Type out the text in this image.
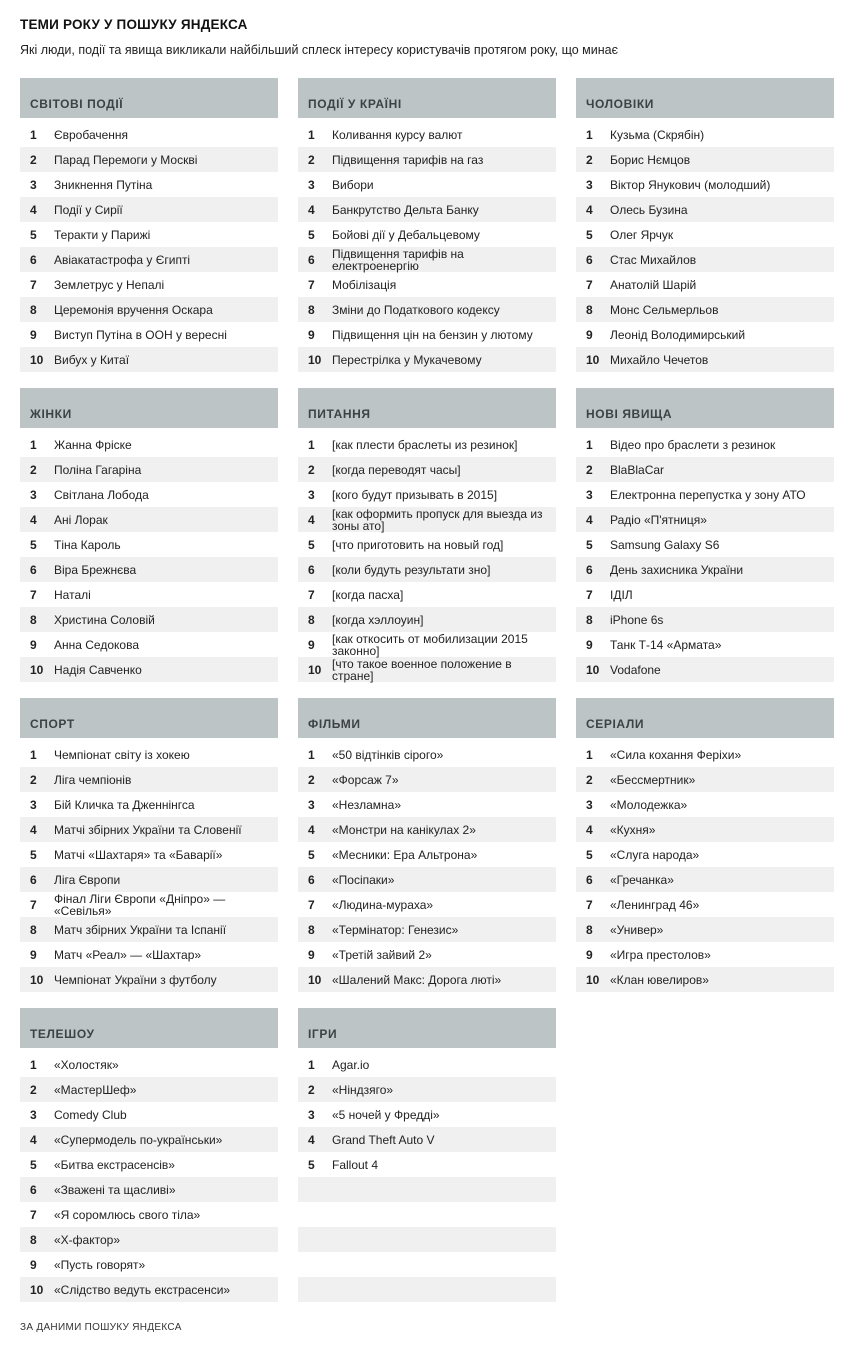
ТЕМИ РОКУ У ПОШУКУ ЯНДЕКСА
Які люди, події та явища викликали найбільший сплеск інтересу користувачів протягом року, що минає
СВІТОВІ ПОДІЇ
1	Євробачення
2	Парад Перемоги у Москві
3	Зникнення Путіна
4	Події у Сирії
5	Теракти у Парижі
6	Авіакатастрофа у Єгипті
7	Землетрус у Непалі
8	Церемонія вручення Оскара
9	Виступ Путіна в ООН у вересні
10 Вибух у Китаї
ПОДІЇ У КРАЇНІ
1	Коливання курсу валют
2	Підвищення тарифів на газ
3	Вибори
4	Банкрутство Дельта Банку
5	Бойові дії у Дебальцевому
6	Підвищення тарифів на електроенергію
7	Мобілізація
8	Зміни до Податкового кодексу
9	Підвищення цін на бензин у лютому
10 Перестрілка у Мукачевому
ЧОЛОВІКИ
1	Кузьма (Скрябін)
2	Борис Нємцов
3	Віктор Янукович (молодший)
4	Олесь Бузина
5	Олег Ярчук
6	Стас Михайлов
7	Анатолій Шарій
8	Монс Сельмерльов
9	Леонід Володимирський
10 Михайло Чечетов
ЖІНКИ
1	Жанна Фріске
2	Поліна Гагаріна
3	Світлана Лобода
4	Ані Лорак
5	Тіна Кароль
6	Віра Брежнєва
7	Наталі
8	Христина Соловій
9	Анна Седокова
10 Надія Савченко
ПИТАННЯ
1	[как плести браслеты из резинок]
2	[когда переводят часы]
3	[кого будут призывать в 2015]
4	[как оформить пропуск для выезда из зоны ато]
5	[что приготовить на новый год]
6	[коли будуть результати зно]
7	[когда пасха]
8	[когда хэллоуин]
9	[как откосить от мобилизации 2015 законно]
10 [что такое военное положение в стране]
НОВІ ЯВИЩА
1	Відео про браслети з резинок
2	BlaBlaCar
3	Електронна перепустка у зону АТО
4	Радіо «П'ятниця»
5	Samsung Galaxy S6
6	День захисника України
7	ІДІЛ
8	iPhone 6s
9	Танк Т-14 «Армата»
10 Vodafone
СПОРТ
1	Чемпіонат світу із хокею
2	Ліга чемпіонів
3	Бій Кличка та Дженнінгса
4	Матчі збірних України та Словенії
5	Матчі «Шахтаря» та «Баварії»
6	Ліга Європи
7	Фінал Ліги Європи «Дніпро» — «Севілья»
8	Матч збірних України та Іспанії
9	Матч «Реал» — «Шахтар»
10 Чемпіонат України з футболу
ФІЛЬМИ
1	«50 відтінків сірого»
2	«Форсаж 7»
3	«Незламна»
4	«Монстри на канікулах 2»
5	«Месники: Ера Альтрона»
6	«Посіпаки»
7	«Людина-мураха»
8	«Термінатор: Генезис»
9	«Третій зайвий 2»
10 «Шалений Макс: Дорога люті»
СЕРІАЛИ
1	«Сила кохання Феріхи»
2	«Бессмертник»
3	«Молодежка»
4	«Кухня»
5	«Слуга народа»
6	«Гречанка»
7	«Ленинград 46»
8	«Универ»
9	«Игра престолов»
10 «Клан ювелиров»
ТЕЛЕШОУ
1	«Холостяк»
2	«МастерШеф»
3	Comedy Club
4	«Супермодель по-українськи»
5	«Битва екстрасенсів»
6	«Зважені та щасливі»
7	«Я соромлюсь свого тіла»
8	«Х-фактор»
9	«Пусть говорят»
10 «Слідство ведуть екстрасенси»
ІГРИ
1	Agar.io
2	«Ніндзяго»
3	«5 ночей у Фредді»
4	Grand Theft Auto V
5	Fallout 4
ЗА ДАНИМИ ПОШУКУ ЯНДЕКСА
